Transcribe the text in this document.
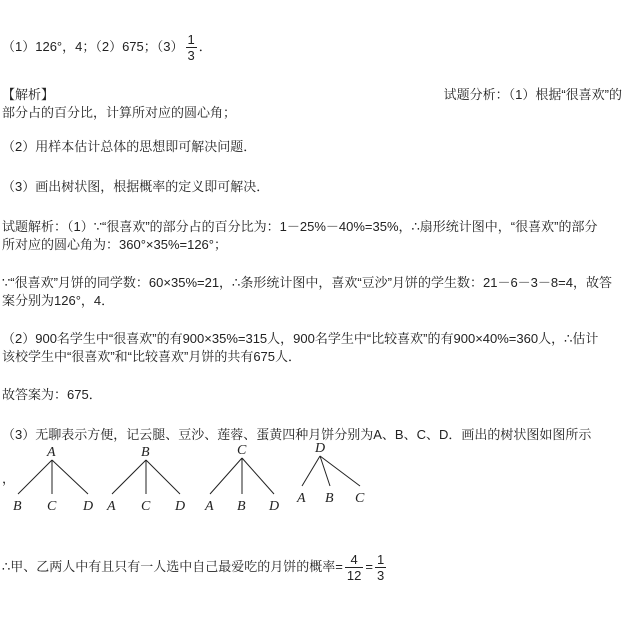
（1）126°，4；（2）675；$(3) \frac{1}{3}$ ．
【解析】	试题分析：（1）根据“很喜欢”的
部分占的百分比，计算所对应的圆心角；
（2）用样本估计总体的思想即可解决问题．
（3）画出树状图，根据概率的定义即可解决．
试题解析：（1）∵“很喜欢”的部分占的百分比为：1－25%－40%=35%，∴扇形统计图中，“很喜欢”的部分
所对应的圆心角为：360°×35%=126°；
∵“很喜欢”月饼的同学数：60×35%=21，∴条形统计图中，喜欢“豆沙”月饼的学生数：21－6－3－8=4，故答
案分别为126°，4．
（2）900名学生中“很喜欢”的有900×35%=315人，900名学生中“比较喜欢”的有900×40%=360人，∴估计
该校学生中“很喜欢”和“比较喜欢”月饼的共有675人．
故答案为：675．
（3）无聊表示方便，记云腿、豆沙、莲蓉、蛋黄四种月饼分别为A、B、C、D．画出的树状图如图所示
，
A
B C D
B
A C D
C
A B D
D
A B C
∴甲、乙两人中有且只有一人选中自己最爱吃的月饼的概率= $\frac{4}{12} = \frac{1}{3}$
